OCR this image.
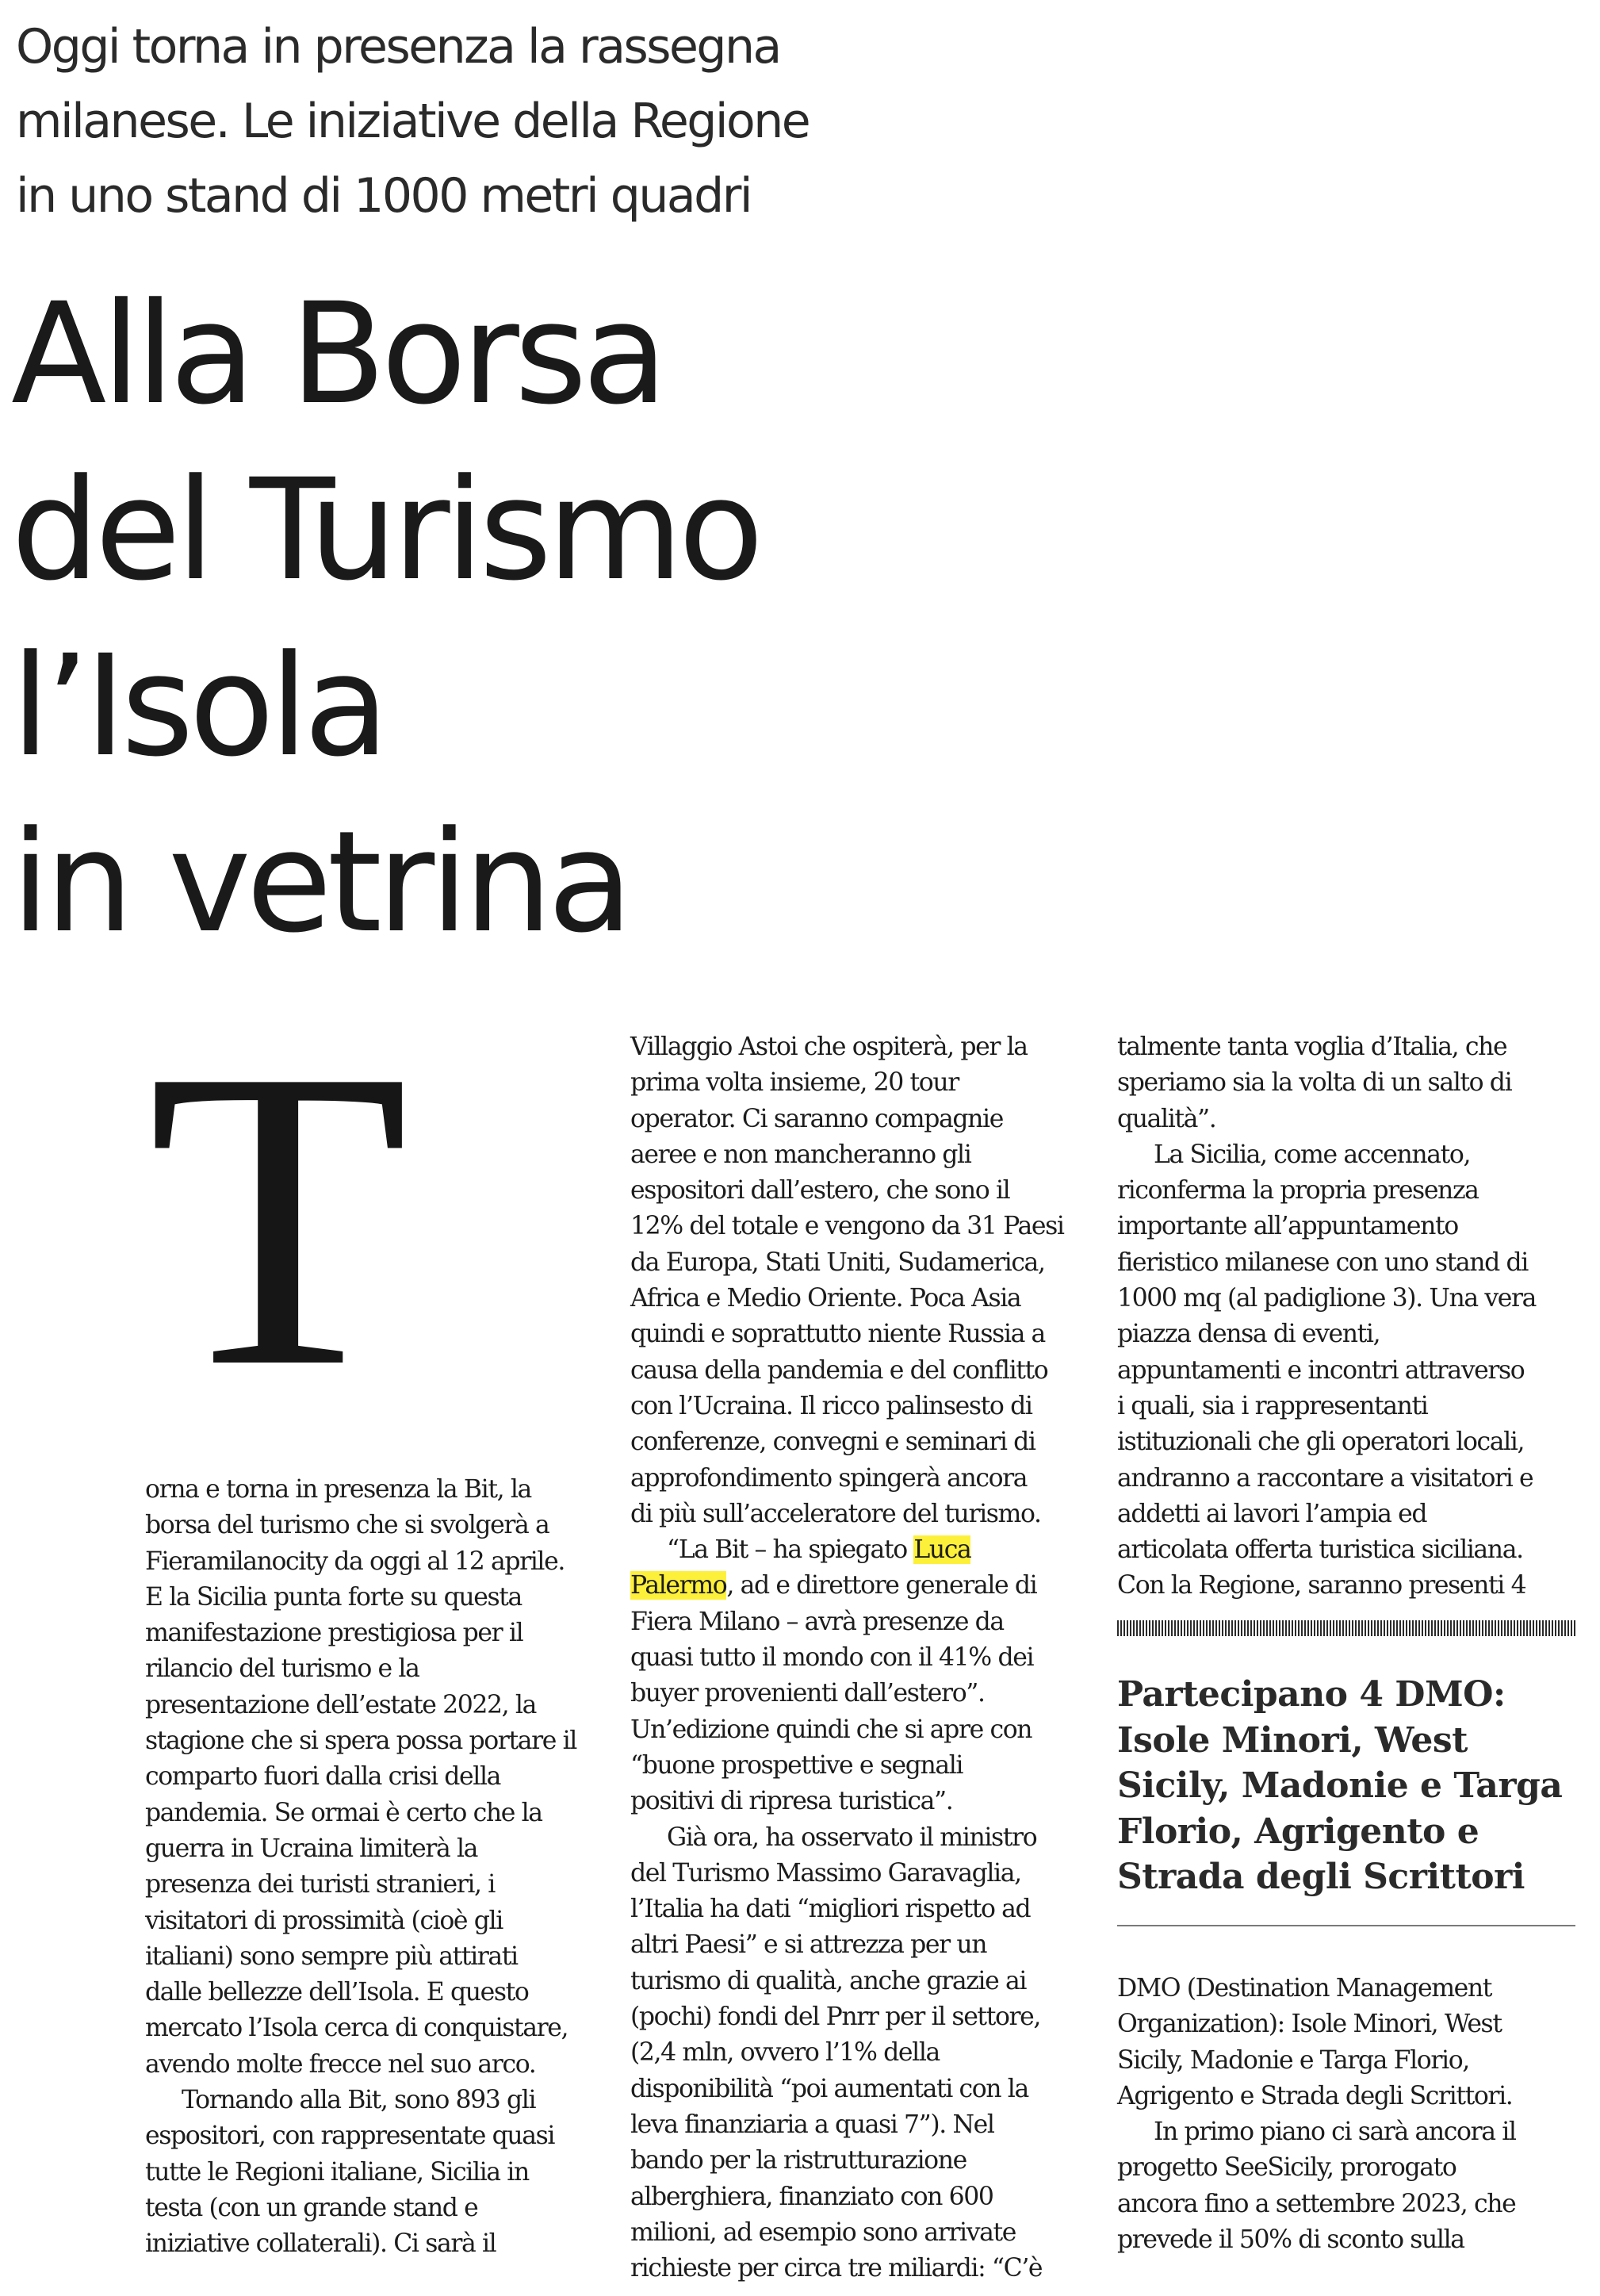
Oggi torna in presenza la rassegna
milanese. Le iniziative della Regione
in uno stand di 1000 metri quadri
Alla Borsa
del Turismo
l’Isola
in vetrina
T

orna e torna in presenza la Bit, la
borsa del turismo che si svolgerà a
Fieramilanocity da oggi al 12 aprile.
E la Sicilia punta forte su questa
manifestazione prestigiosa per il
rilancio del turismo e la
presentazione dell’estate 2022, la
stagione che si spera possa portare il
comparto fuori dalla crisi della
pandemia. Se ormai è certo che la
guerra in Ucraina limiterà la
presenza dei turisti stranieri, i
visitatori di prossimità (cioè gli
italiani) sono sempre più attirati
dalle bellezze dell’Isola. E questo
mercato l’Isola cerca di conquistare,
avendo molte frecce nel suo arco.

Tornando alla Bit, sono 893 gli
espositori, con rappresentate quasi
tutte le Regioni italiane, Sicilia in
testa (con un grande stand e
iniziative collaterali). Ci sarà il

Villaggio Astoi che ospiterà, per la
prima volta insieme, 20 tour
operator. Ci saranno compagnie
aeree e non mancheranno gli
espositori dall’estero, che sono il
12% del totale e vengono da 31 Paesi
da Europa, Stati Uniti, Sudamerica,
Africa e Medio Oriente. Poca Asia
quindi e soprattutto niente Russia a
causa della pandemia e del conflitto
con l’Ucraina. Il ricco palinsesto di
conferenze, convegni e seminari di
approfondimento spingerà ancora
di più sull’acceleratore del turismo.

“La Bit – ha spiegato Luca
Palermo, ad e direttore generale di
Fiera Milano – avrà presenze da
quasi tutto il mondo con il 41% dei
buyer provenienti dall’estero”.
Un’edizione quindi che si apre con
“buone prospettive e segnali
positivi di ripresa turistica”.

Già ora, ha osservato il ministro
del Turismo Massimo Garavaglia,
l’Italia ha dati “migliori rispetto ad
altri Paesi” e si attrezza per un
turismo di qualità, anche grazie ai
(pochi) fondi del Pnrr per il settore,
(2,4 mln, ovvero l’1% della
disponibilità “poi aumentati con la
leva finanziaria a quasi 7”). Nel
bando per la ristrutturazione
alberghiera, finanziato con 600
milioni, ad esempio sono arrivate
richieste per circa tre miliardi: “C’è

talmente tanta voglia d’Italia, che
speriamo sia la volta di un salto di
qualità”.

La Sicilia, come accennato,
riconferma la propria presenza
importante all’appuntamento
fieristico milanese con uno stand di
1000 mq (al padiglione 3). Una vera
piazza densa di eventi,
appuntamenti e incontri attraverso
i quali, sia i rappresentanti
istituzionali che gli operatori locali,
andranno a raccontare a visitatori e
addetti ai lavori l’ampia ed
articolata offerta turistica siciliana.
Con la Regione, saranno presenti 4

Partecipano 4 DMO:
Isole Minori, West
Sicily, Madonie e Targa
Florio, Agrigento e
Strada degli Scrittori

DMO (Destination Management
Organization): Isole Minori, West
Sicily, Madonie e Targa Florio,
Agrigento e Strada degli Scrittori.

In primo piano ci sarà ancora il
progetto SeeSicily, prorogato
ancora fino a settembre 2023, che
prevede il 50% di sconto sulla
